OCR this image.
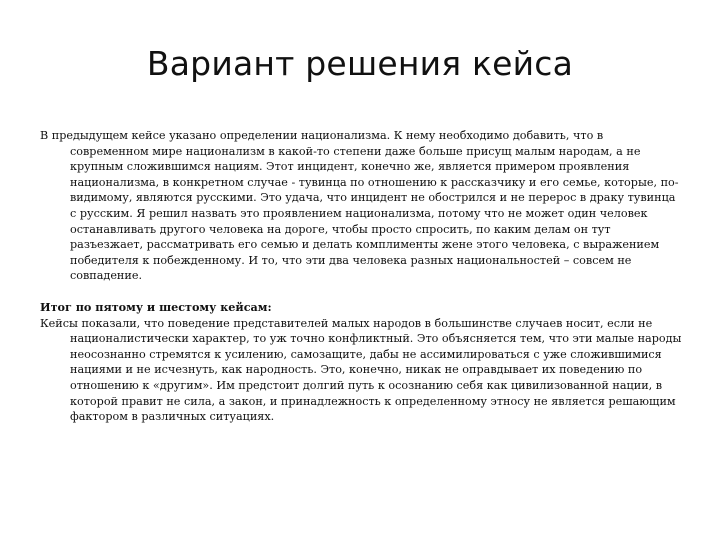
Вариант решения кейса

В предыдущем кейсе указано определении национализма. К нему необходимо добавить, что в современном мире национализм в какой-то степени даже больше присущ малым народам, а не крупным сложившимся нациям. Этот инцидент, конечно же, является примером проявления национализма, в конкретном случае - тувинца по отношению к рассказчику и его семье, которые, по-видимому, являются русскими. Это удача, что инцидент не обострился и не перерос в драку тувинца с русским. Я решил назвать это проявлением национализма, потому что не может один человек останавливать другого человека на дороге, чтобы просто спросить, по каким делам он тут разъезжает, рассматривать его семью и делать комплименты жене этого человека, с выражением победителя к побежденному. И то, что эти два человека разных национальностей – совсем не совпадение.

Итог по пятому и шестому кейсам:

Кейсы показали, что поведение представителей малых народов в большинстве случаев носит, если не националистически характер, то уж точно конфликтный. Это объясняется тем, что эти малые народы неосознанно стремятся к усилению, самозащите, дабы не ассимилироваться с уже сложившимися нациями и не исчезнуть, как народность. Это, конечно, никак не оправдывает их поведению по отношению к «другим». Им предстоит долгий путь к осознанию себя как цивилизованной нации, в которой правит не сила, а закон, и принадлежность к определенному этносу не является решающим фактором в различных ситуациях.
